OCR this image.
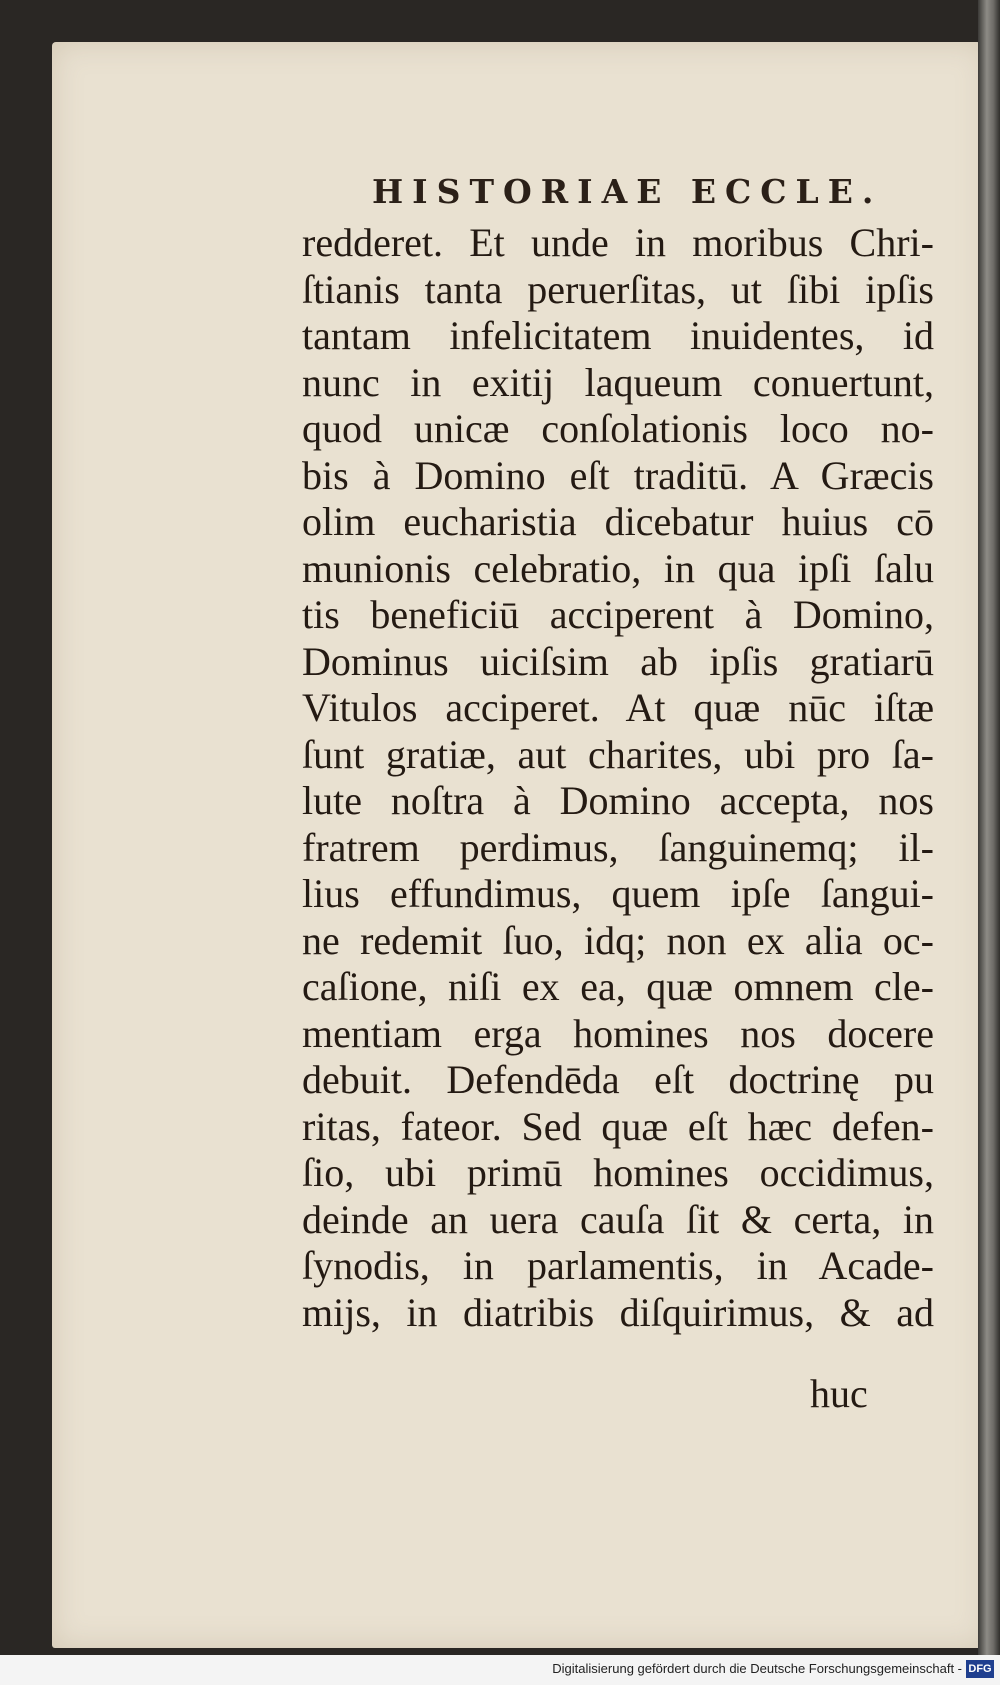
HISTORIAE ECCLE.
redderet. Et unde in moribus Chri-
ſtianis tanta peruerſitas, ut ſibi ipſis
tantam infelicitatem inuidentes, id
nunc in exitij laqueum conuertunt,
quod unicæ conſolationis loco no-
bis à Domino eſt traditū. A Græcis
olim eucharistia dicebatur huius cō
munionis celebratio, in qua ipſi ſalu
tis beneficiū acciperent à Domino,
Dominus uiciſsim ab ipſis gratiarū
Vitulos acciperet. At quæ nūc iſtæ
ſunt gratiæ, aut charites, ubi pro ſa-
lute noſtra à Domino accepta, nos
fratrem perdimus, ſanguinemq; il-
lius effundimus, quem ipſe ſangui-
ne redemit ſuo, idq; non ex alia oc-
caſione, niſi ex ea, quæ omnem cle-
mentiam erga homines nos docere
debuit. Defendēda eſt doctrinę pu
ritas, fateor. Sed quæ eſt hæc defen-
ſio, ubi primū homines occidimus,
deinde an uera cauſa ſit & certa, in
ſynodis, in parlamentis, in Acade-
mijs, in diatribis diſquirimus, & ad
huc
Digitalisierung gefördert durch die Deutsche Forschungsgemeinschaft - DFG
